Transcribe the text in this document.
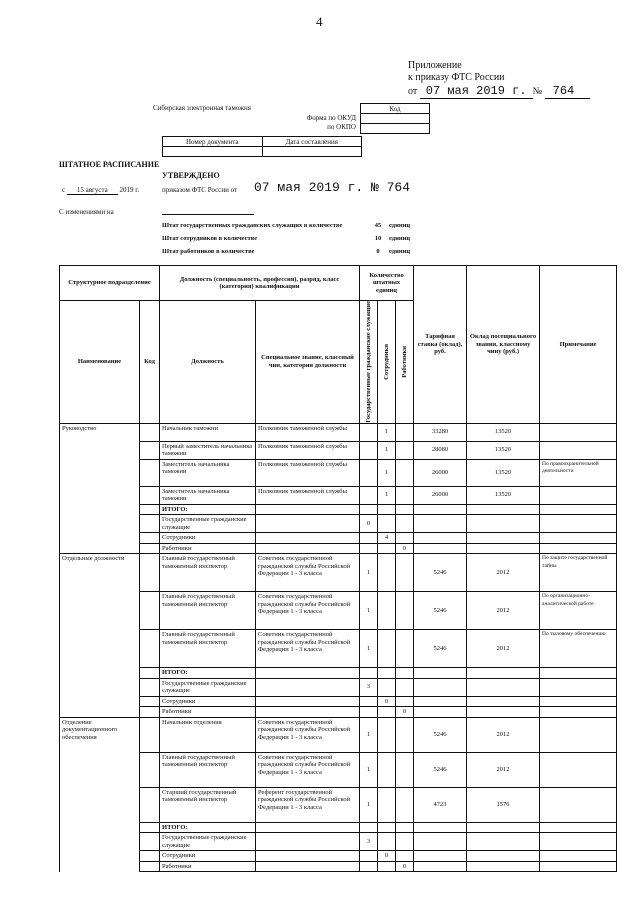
4
Приложение
к приказу ФТС России
от 07 мая 2019 г. № 764
Сибирская электронная таможня	Код

Форма по ОКУД
по ОКПО
Номер документа	Дата составления

ШТАТНОЕ РАСПИСАНИЕ
УТВЕРЖДЕНО
с 15 августа 2019 г.	приказом ФТС России от 07 мая 2019 г. № 764
С изменениями на
Штат государственных гражданских служащих в количестве	45	единиц
Штат сотрудников в количестве	10	единиц
Штат работников в количестве	0	единиц
Структурное подразделение		Должность (специальность, профессия), разряд, класс (категория) квалификации		Количество штатных единиц			Тарифная ставка (оклад), руб.	Оклад посещиального звания, классному чину (руб.)	Примечание
Наименование	Код	Должность	Специальное звание, классный чин, категория должности	Государственные гражданские служащие	Сотрудники	Работники			

Руководство		Начальник таможни	Полковник таможенной службы		1		33280	13520	
		Первый заместитель начальника таможни	Полковник таможенной службы		1		28080	13520	
		Заместитель начальника таможни	Полковник таможенной службы		1		26000	13520	По правоохранительной деятельности
		Заместитель начальника таможни	Полковник таможенной службы		1		26000	13520	
		ИТОГО:							
		Государственные гражданские служащие		0					
		Сотрудники			4				
		Работники				0			
Отдельные должности		Главный государственный таможенный инспектор	Советник государственной гражданской службы Российской Федерации 1 - 3 класса	1			5246	2012	По защите государственной тайны
		Главный государственный таможенный инспектор	Советник государственной гражданской службы Российской Федерации 1 - 3 класса	1			5246	2012	По организационно-аналитической работе
		Главный государственный таможенный инспектор	Советник государственной гражданской службы Российской Федерации 1 - 3 класса	1			5246	2012	По тыловому обеспечению
		ИТОГО:							
		Государственные гражданские служащие		3					
		Сотрудники			0				
		Работники				0			
Отделение документационного обеспечения		Начальник отделения	Советник государственной гражданской службы Российской Федерации 1 - 3 класса	1			5246	2012	
		Главный государственный таможенный инспектор	Советник государственной гражданской службы Российской Федерации 1 - 3 класса	1			5246	2012	
		Старший государственный таможенный инспектор	Референт государственной гражданской службы Российской Федерации 1 - 3 класса	1			4723	1576	
		ИТОГО:							
		Государственные гражданские служащие		3					
		Сотрудники			0				
		Работники				0			
